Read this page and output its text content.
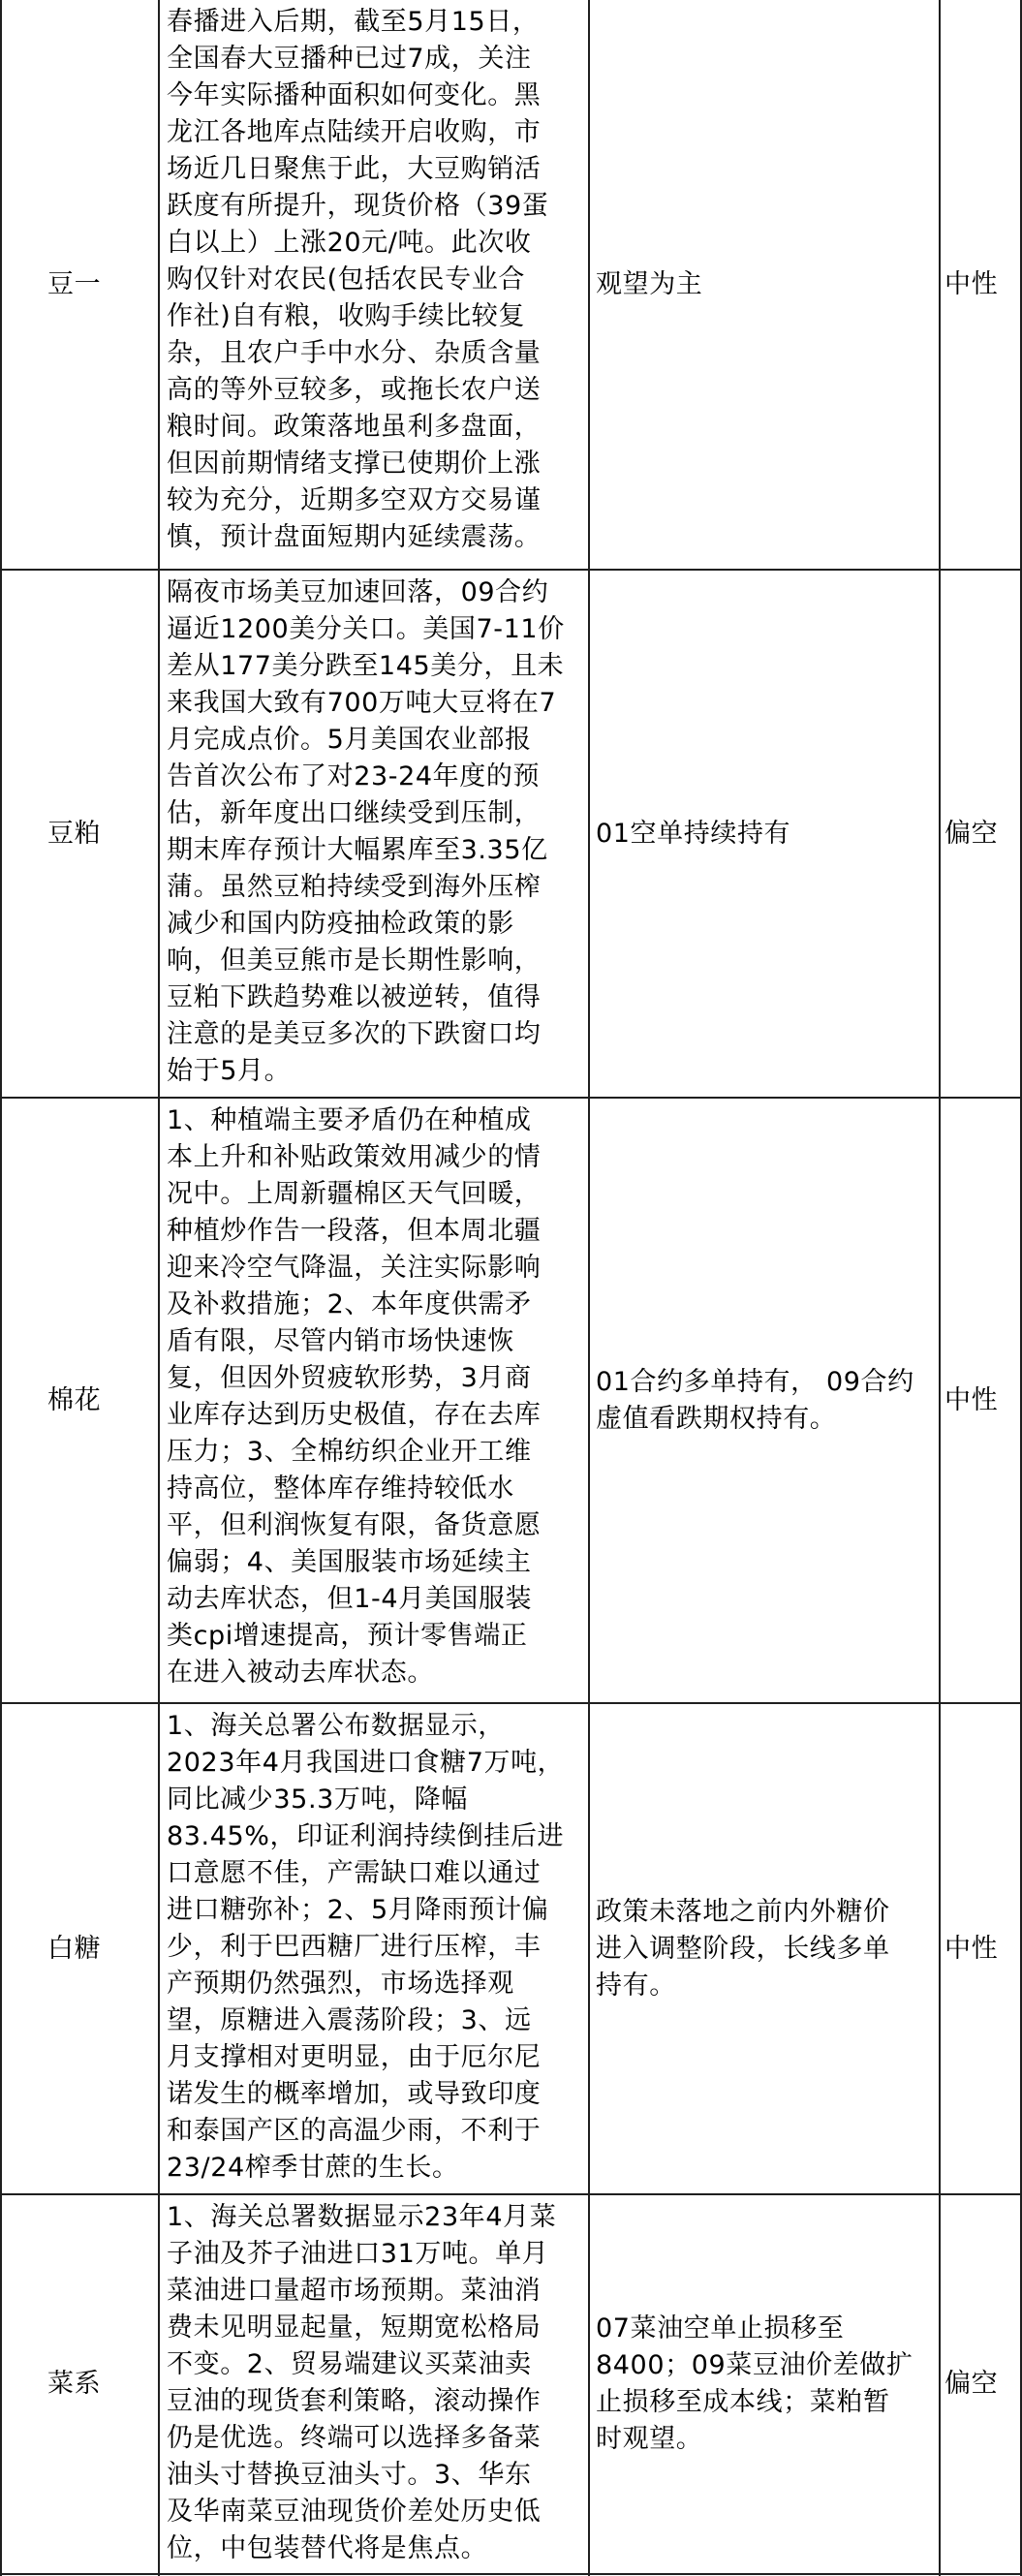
豆一
春播进入后期，截至5月15日，
全国春大豆播种已过7成，关注
今年实际播种面积如何变化。黑
龙江各地库点陆续开启收购，市
场近几日聚焦于此，大豆购销活
跃度有所提升，现货价格（39蛋
白以上）上涨20元/吨。此次收
购仅针对农民(包括农民专业合
作社)自有粮，收购手续比较复
杂，且农户手中水分、杂质含量
高的等外豆较多，或拖长农户送
粮时间。政策落地虽利多盘面，
但因前期情绪支撑已使期价上涨
较为充分，近期多空双方交易谨
慎，预计盘面短期内延续震荡。
观望为主	中性
豆粕
隔夜市场美豆加速回落，09合约
逼近1200美分关口。美国7-11价
差从177美分跌至145美分，且未
来我国大致有700万吨大豆将在7
月完成点价。5月美国农业部报
告首次公布了对23-24年度的预
估，新年度出口继续受到压制，
期末库存预计大幅累库至3.35亿
蒲。虽然豆粕持续受到海外压榨
减少和国内防疫抽检政策的影
响，但美豆熊市是长期性影响，
豆粕下跌趋势难以被逆转，值得
注意的是美豆多次的下跌窗口均
始于5月。
01空单持续持有	偏空
棉花
1、种植端主要矛盾仍在种植成
本上升和补贴政策效用减少的情
况中。上周新疆棉区天气回暖，
种植炒作告一段落，但本周北疆
迎来冷空气降温，关注实际影响
及补救措施；2、本年度供需矛
盾有限，尽管内销市场快速恢
复，但因外贸疲软形势，3月商
业库存达到历史极值，存在去库
压力；3、全棉纺织企业开工维
持高位，整体库存维持较低水
平，但利润恢复有限，备货意愿
偏弱；4、美国服装市场延续主
动去库状态，但1-4月美国服装
类cpi增速提高，预计零售端正
在进入被动去库状态。
01合约多单持有， 09合约
虚值看跌期权持有。
中性
白糖
1、海关总署公布数据显示，
2023年4月我国进口食糖7万吨，
同比减少35.3万吨，降幅
83.45%，印证利润持续倒挂后进
口意愿不佳，产需缺口难以通过
进口糖弥补；2、5月降雨预计偏
少，利于巴西糖厂进行压榨，丰
产预期仍然强烈，市场选择观
望，原糖进入震荡阶段；3、远
月支撑相对更明显，由于厄尔尼
诺发生的概率增加，或导致印度
和泰国产区的高温少雨，不利于
23/24榨季甘蔗的生长。
政策未落地之前内外糖价
进入调整阶段，长线多单
持有。
中性
菜系
1、海关总署数据显示23年4月菜
子油及芥子油进口31万吨。单月
菜油进口量超市场预期。菜油消
费未见明显起量，短期宽松格局
不变。2、贸易端建议买菜油卖
豆油的现货套利策略，滚动操作
仍是优选。终端可以选择多备菜
油头寸替换豆油头寸。3、华东
及华南菜豆油现货价差处历史低
位，中包装替代将是焦点。
07菜油空单止损移至
8400；09菜豆油价差做扩
止损移至成本线；菜粕暂
时观望。
偏空
